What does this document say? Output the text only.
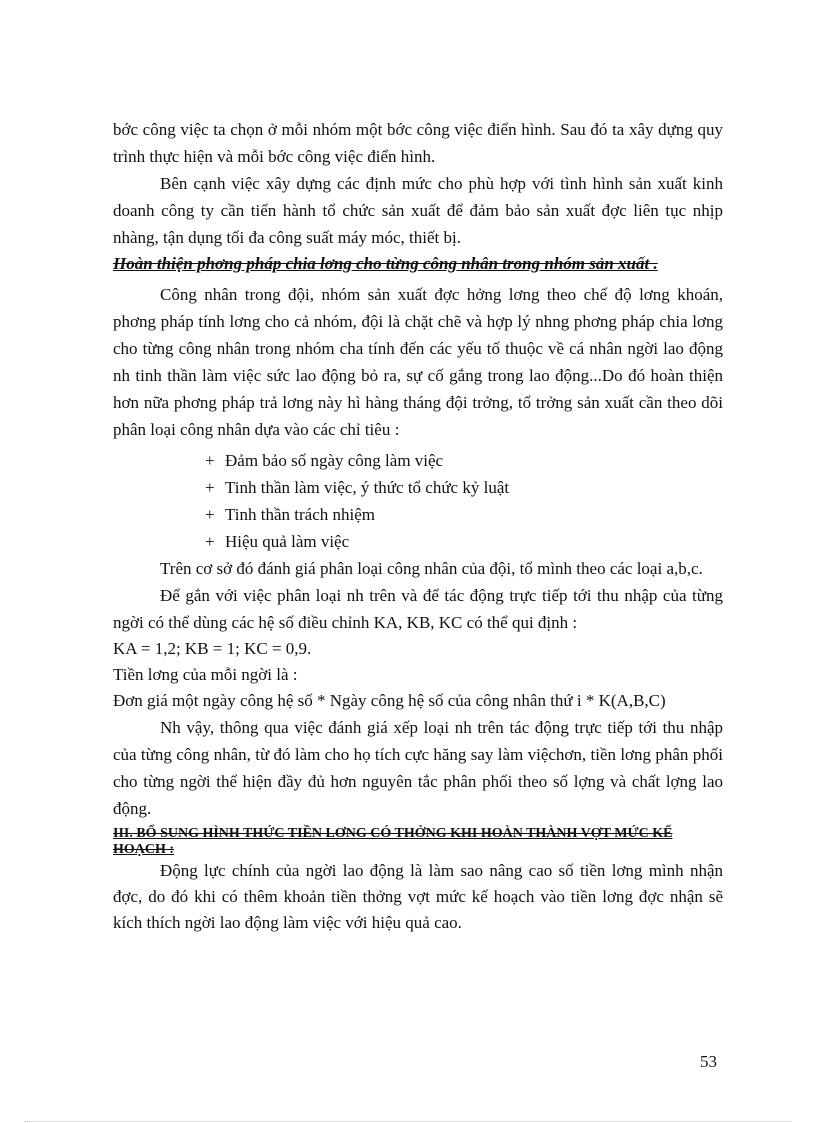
bớc công việc ta chọn ở mỗi nhóm một bớc công việc điển hình. Sau đó ta xây dựng quy trình thực hiện và mỗi bớc công việc điển hình.

Bên cạnh việc xây dựng các định mức cho phù hợp với tình hình sản xuất kinh doanh công ty cần tiến hành tổ chức sản xuất để đảm bảo sản xuất đợc liên tục nhịp nhàng, tận dụng tối đa công suất máy móc, thiết bị.

Hoàn thiện phơng pháp chia lơng cho từng công nhân trong nhóm sản xuất .

Công nhân trong đội, nhóm sản xuất đợc hởng lơng theo chế độ lơng khoán, phơng pháp tính lơng cho cả nhóm, đội là chặt chẽ và hợp lý nhng phơng pháp chia lơng cho từng công nhân trong nhóm cha tính đến các yếu tố thuộc về cá nhân ngời lao động nh tinh thần làm việc sức lao động bỏ ra, sự cố gắng trong lao động...Do đó hoàn thiện hơn nữa phơng pháp trả lơng này hì hàng tháng đội trởng, tổ trởng sản xuất cần theo dõi phân loại công nhân dựa vào các chỉ tiêu :

+ Đảm bảo số ngày công làm việc

+ Tinh thần làm việc, ý thức tổ chức kỷ luật

+ Tinh thần trách nhiệm

+ Hiệu quả làm việc

Trên cơ sở đó đánh giá phân loại công nhân của đội, tổ mình theo các loại a,b,c.

Để gắn với việc phân loại nh trên và để tác động trực tiếp tới thu nhập của từng ngời có thể dùng các hệ số điều chỉnh KA, KB, KC có thể qui định :

KA = 1,2; KB = 1; KC = 0,9.

Tiền lơng của mỗi ngời là :

Đơn giá một ngày công hệ số * Ngày công hệ số của công nhân thứ i * K(A,B,C)

Nh vậy, thông qua việc đánh giá xếp loại nh trên tác động trực tiếp tới thu nhập của từng công nhân, từ đó làm cho họ tích cực hăng say làm việchơn, tiền lơng phân phối cho từng ngời thể hiện đầy đủ hơn nguyên tắc phân phối theo số lợng và chất lợng lao động.

III. BỔ SUNG HÌNH THỨC TIỀN LƠNG CÓ THỞNG KHI HOÀN THÀNH VỢT MỨC KẾ HOẠCH :

Động lực chính của ngời lao động là làm sao nâng cao số tiền lơng mình nhận đợc, do đó khi có thêm khoản tiền thởng vợt mức kế hoạch vào tiền lơng đợc nhận sẽ kích thích ngời lao động làm việc với hiệu quả cao.

53
